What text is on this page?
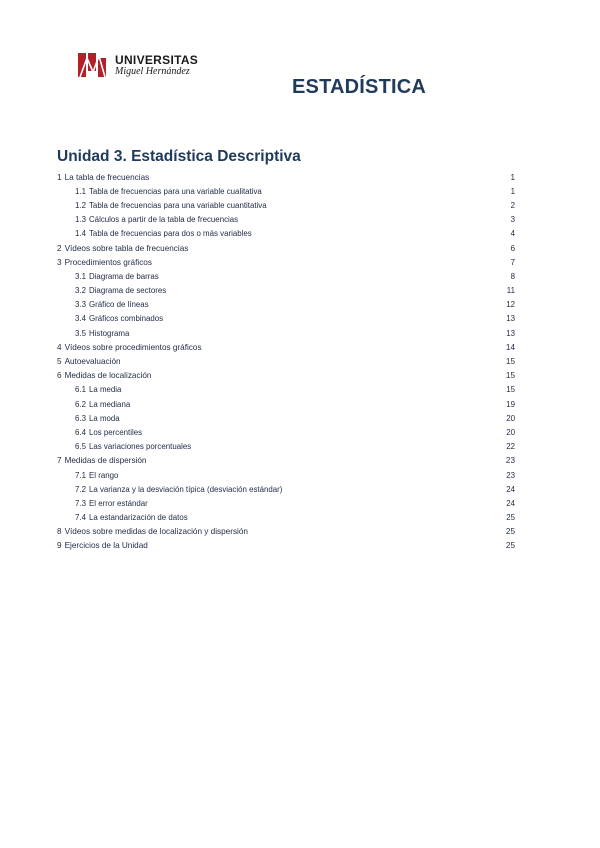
UNIVERSITAS
Miguel Hernández
ESTADÍSTICA
Unidad 3. Estadística Descriptiva
1 La tabla de frecuencias	1
1.1 Tabla de frecuencias para una variable cualitativa	1
1.2 Tabla de frecuencias para una variable cuantitativa	2
1.3 Cálculos a partir de la tabla de frecuencias	3
1.4 Tabla de frecuencias para dos o más variables	4
2 Vídeos sobre tabla de frecuencias	6
3 Procedimientos gráficos	7
3.1 Diagrama de barras	8
3.2 Diagrama de sectores	11
3.3 Gráfico de líneas	12
3.4 Gráficos combinados	13
3.5 Histograma	13
4 Vídeos sobre procedimientos gráficos	14
5 Autoevaluación	15
6 Medidas de localización	15
6.1 La media	15
6.2 La mediana	19
6.3 La moda	20
6.4 Los percentiles	20
6.5 Las variaciones porcentuales	22
7 Medidas de dispersión	23
7.1 El rango	23
7.2 La varianza y la desviación típica (desviación estándar)	24
7.3 El error estándar	24
7.4 La estandarización de datos	25
8 Vídeos sobre medidas de localización y dispersión	25
9 Ejercicios de la Unidad	25
